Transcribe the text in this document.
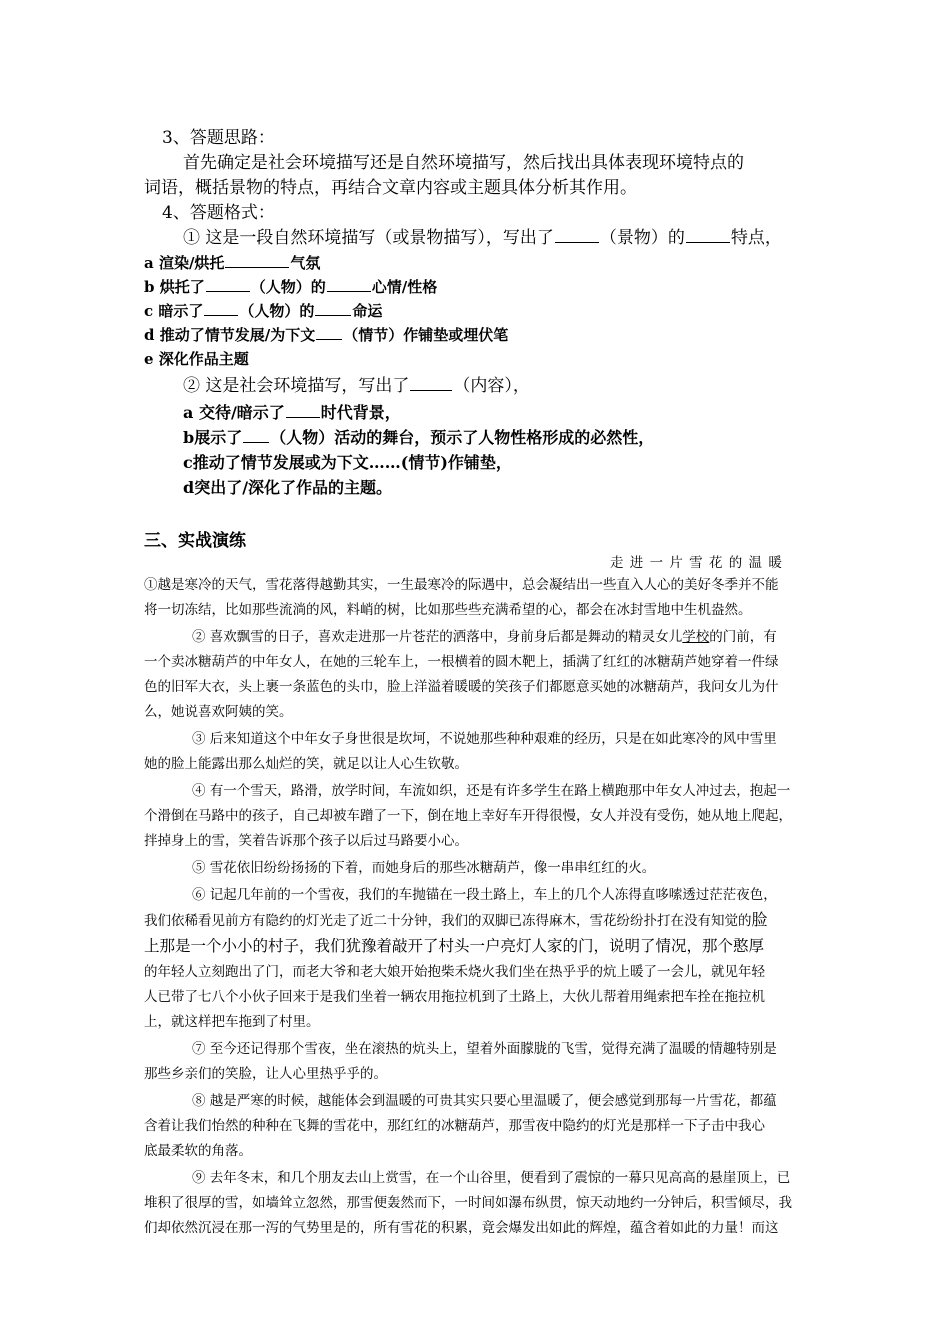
3、答题思路：
首先确定是社会环境描写还是自然环境描写，然后找出具体表现环境特点的
词语，概括景物的特点，再结合文章内容或主题具体分析其作用。
4、答题格式：
① 这是一段自然环境描写（或景物描写），写出了	（景物）的	特点，
a 渲染/烘托	气氛
b 烘托了	（人物）的	心情/性格
c 暗示了 （人物）的	命运
d 推动了情节发展/为下文 （情节）作铺垫或埋伏笔
e 深化作品主题
② 这是社会环境描写，写出了	（内容），
a 交待/暗示了 时代背景，
b展示了 （人物）活动的舞台，预示了人物性格形成的必然性，
c推动了情节发展或为下文……(情节)作铺垫，
d突出了/深化了作品的主题。
三、实战演练
走 进 一 片 雪 花 的 温 暖
①越是寒冷的天气，雪花落得越勤其实，一生最寒冷的际遇中，总会凝结出一些直入人心的美好冬季并不能
将一切冻结，比如那些流淌的风，料峭的树，比如那些些充满希望的心，都会在冰封雪地中生机盎然。
② 喜欢飘雪的日子，喜欢走进那一片苍茫的洒落中，身前身后都是舞动的精灵女儿学校的门前，有
一个卖冰糖葫芦的中年女人，在她的三轮车上，一根横着的圆木靶上，插满了红红的冰糖葫芦她穿着一件绿
色的旧军大衣，头上裹一条蓝色的头巾，脸上洋溢着暖暖的笑孩子们都愿意买她的冰糖葫芦，我问女儿为什
么，她说喜欢阿姨的笑。
③ 后来知道这个中年女子身世很是坎坷，不说她那些种种艰难的经历，只是在如此寒冷的风中雪里
她的脸上能露出那么灿烂的笑，就足以让人心生钦敬。
④ 有一个雪天，路滑，放学时间，车流如织，还是有许多学生在路上横跑那中年女人冲过去，抱起一
个滑倒在马路中的孩子，自己却被车蹭了一下，倒在地上幸好车开得很慢，女人并没有受伤，她从地上爬起，
拌掉身上的雪，笑着告诉那个孩子以后过马路要小心。
⑤ 雪花依旧纷纷扬扬的下着，而她身后的那些冰糖葫芦，像一串串红红的火。
⑥ 记起几年前的一个雪夜，我们的车抛锚在一段土路上，车上的几个人冻得直哆嗦透过茫茫夜色，
我们依稀看见前方有隐约的灯光走了近二十分钟，我们的双脚已冻得麻木，雪花纷纷扑打在没有知觉的脸
上那是一个小小的村子，我们犹豫着敲开了村头一户亮灯人家的门，说明了情况，那个憨厚
的年轻人立刻跑出了门，而老大爷和老大娘开始抱柴禾烧火我们坐在热乎乎的炕上暖了一会儿，就见年轻
人已带了七八个小伙子回来于是我们坐着一辆农用拖拉机到了土路上，大伙儿帮着用绳索把车拴在拖拉机
上，就这样把车拖到了村里。
⑦ 至今还记得那个雪夜，坐在滚热的炕头上，望着外面朦胧的飞雪，觉得充满了温暖的情趣特别是
那些乡亲们的笑脸，让人心里热乎乎的。
⑧ 越是严寒的时候，越能体会到温暖的可贵其实只要心里温暖了，便会感觉到那每一片雪花，都蕴
含着让我们怡然的种种在飞舞的雪花中，那红红的冰糖葫芦，那雪夜中隐约的灯光是那样一下子击中我心
底最柔软的角落。
⑨ 去年冬末，和几个朋友去山上赏雪，在一个山谷里，便看到了震惊的一幕只见高高的悬崖顶上，已
堆积了很厚的雪，如墙耸立忽然，那雪便轰然而下，一时间如瀑布纵贯，惊天动地约一分钟后，积雪倾尽，我
们却依然沉浸在那一泻的气势里是的，所有雪花的积累，竟会爆发出如此的辉煌，蕴含着如此的力量！而这
